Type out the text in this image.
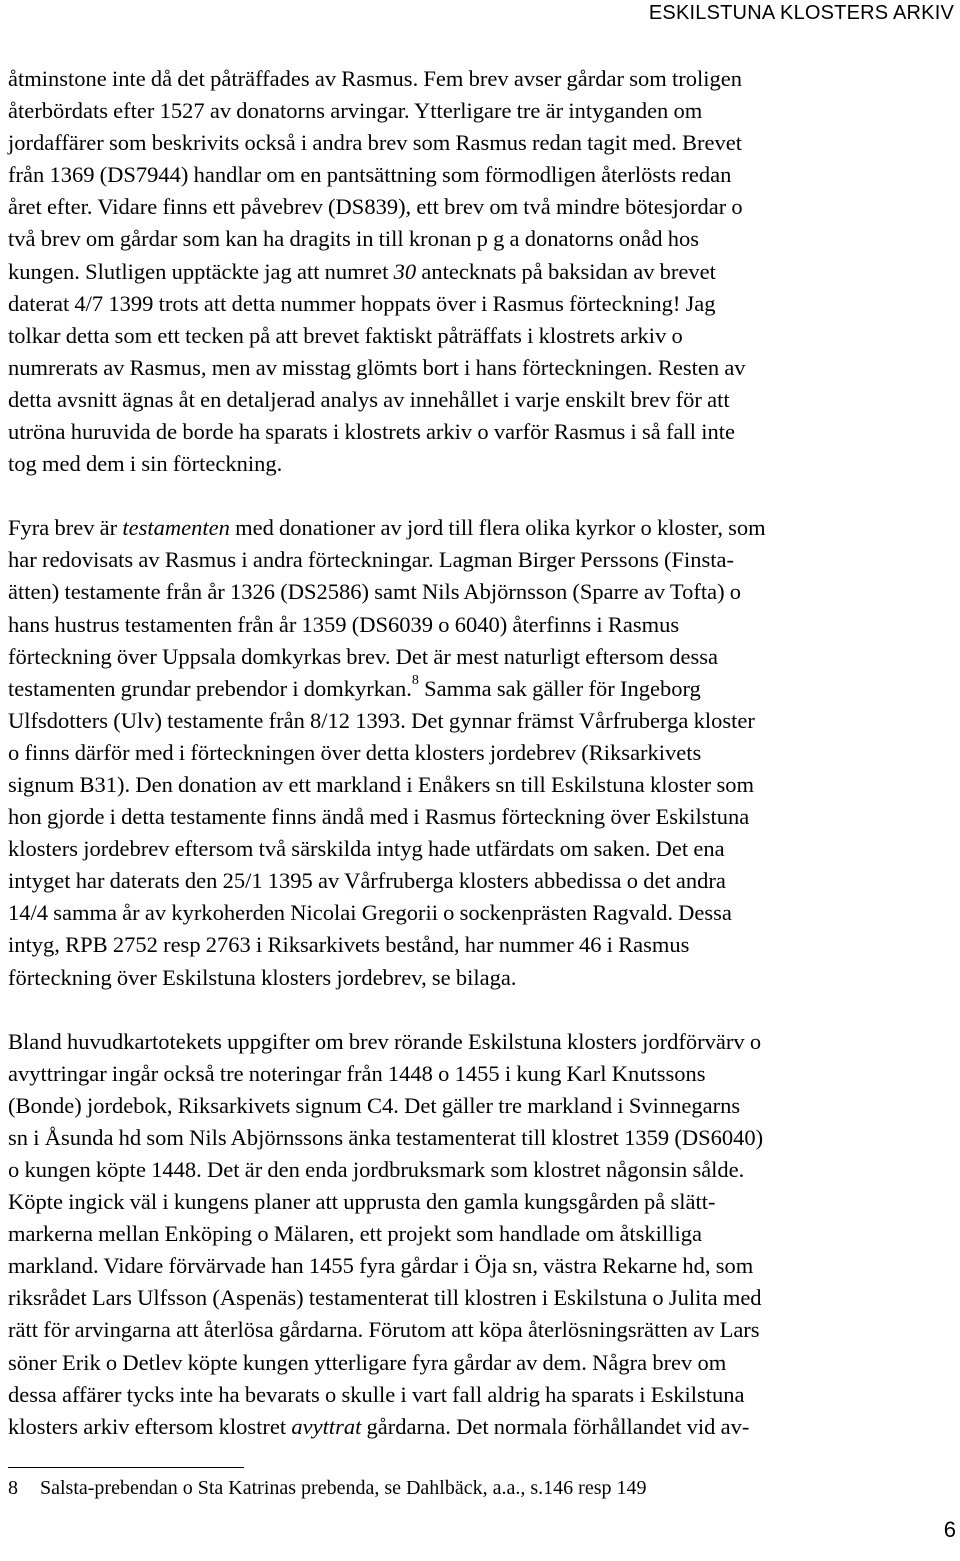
ESKILSTUNA KLOSTERS ARKIV

åtminstone inte då det påträffades av Rasmus. Fem brev avser gårdar som troligen
återbördats efter 1527 av donatorns arvingar. Ytterligare tre är intyganden om
jordaffärer som beskrivits också i andra brev som Rasmus redan tagit med. Brevet
från 1369 (DS7944) handlar om en pantsättning som förmodligen återlösts redan
året efter. Vidare finns ett påvebrev (DS839), ett brev om två mindre bötesjordar o
två brev om gårdar som kan ha dragits in till kronan p g a donatorns onåd hos
kungen. Slutligen upptäckte jag att numret 30 antecknats på baksidan av brevet
daterat 4/7 1399 trots att detta nummer hoppats över i Rasmus förteckning! Jag
tolkar detta som ett tecken på att brevet faktiskt påträffats i klostrets arkiv o
numrerats av Rasmus, men av misstag glömts bort i hans förteckningen. Resten av
detta avsnitt ägnas åt en detaljerad analys av innehållet i varje enskilt brev för att
utröna huruvida de borde ha sparats i klostrets arkiv o varför Rasmus i så fall inte
tog med dem i sin förteckning.

Fyra brev är testamenten med donationer av jord till flera olika kyrkor o kloster, som
har redovisats av Rasmus i andra förteckningar. Lagman Birger Perssons (Finsta-
ätten) testamente från år 1326 (DS2586) samt Nils Abjörnsson (Sparre av Tofta) o
hans hustrus testamenten från år 1359 (DS6039 o 6040) återfinns i Rasmus
förteckning över Uppsala domkyrkas brev. Det är mest naturligt eftersom dessa
testamenten grundar prebendor i domkyrkan.$^8$ Samma sak gäller för Ingeborg
Ulfsdotters (Ulv) testamente från 8/12 1393. Det gynnar främst Vårfruberga kloster
o finns därför med i förteckningen över detta klosters jordebrev (Riksarkivets
signum B31). Den donation av ett markland i Enåkers sn till Eskilstuna kloster som
hon gjorde i detta testamente finns ändå med i Rasmus förteckning över Eskilstuna
klosters jordebrev eftersom två särskilda intyg hade utfärdats om saken. Det ena
intyget har daterats den 25/1 1395 av Vårfruberga klosters abbedissa o det andra
14/4 samma år av kyrkoherden Nicolai Gregorii o sockenprästen Ragvald. Dessa
intyg, RPB 2752 resp 2763 i Riksarkivets bestånd, har nummer 46 i Rasmus
förteckning över Eskilstuna klosters jordebrev, se bilaga.

Bland huvudkartotekets uppgifter om brev rörande Eskilstuna klosters jordförvärv o
avyttringar ingår också tre noteringar från 1448 o 1455 i kung Karl Knutssons
(Bonde) jordebok, Riksarkivets signum C4. Det gäller tre markland i Svinnegarns
sn i Åsunda hd som Nils Abjörnssons änka testamenterat till klostret 1359 (DS6040)
o kungen köpte 1448. Det är den enda jordbruksmark som klostret någonsin sålde.
Köpte ingick väl i kungens planer att upprusta den gamla kungsgården på slätt-
markerna mellan Enköping o Mälaren, ett projekt som handlade om åtskilliga
markland. Vidare förvärvade han 1455 fyra gårdar i Öja sn, västra Rekarne hd, som
riksrådet Lars Ulfsson (Aspenäs) testamenterat till klostren i Eskilstuna o Julita med
rätt för arvingarna att återlösa gårdarna. Förutom att köpa återlösningsrätten av Lars
söner Erik o Detlev köpte kungen ytterligare fyra gårdar av dem. Några brev om
dessa affärer tycks inte ha bevarats o skulle i vart fall aldrig ha sparats i Eskilstuna
klosters arkiv eftersom klostret avyttrat gårdarna. Det normala förhållandet vid av-

8 Salsta-prebendan o Sta Katrinas prebenda, se Dahlbäck, a.a., s.146 resp 149
6
